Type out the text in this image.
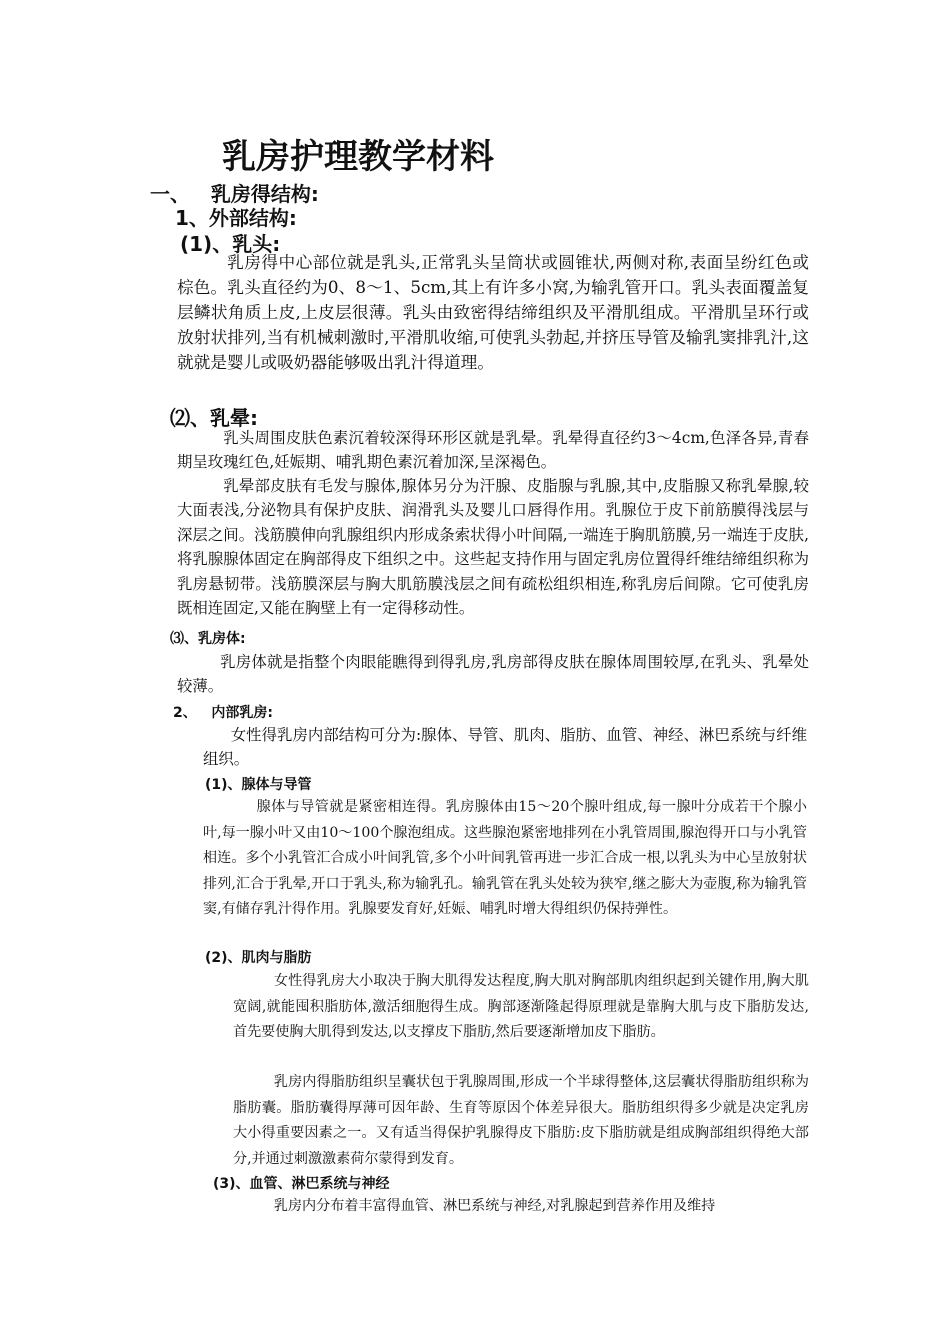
乳房护理教学材料
一、   乳房得结构:
1、外部结构:
(1)、乳头:

乳房得中心部位就是乳头,正常乳头呈筒状或圆锥状,两侧对称,表面呈纷红色或棕色。乳头直径约为0、8～1、5cm,其上有许多小窝,为输乳管开口。乳头表面覆盖复层鳞状角质上皮,上皮层很薄。乳头由致密得结缔组织及平滑肌组成。平滑肌呈环行或放射状排列,当有机械刺激时,平滑肌收缩,可使乳头勃起,并挤压导管及输乳窦排乳汁,这就就是婴儿或吸奶器能够吸出乳汁得道理。

⑵、乳晕:

乳头周围皮肤色素沉着较深得环形区就是乳晕。乳晕得直径约3～4cm,色泽各异,青春期呈玫瑰红色,妊娠期、哺乳期色素沉着加深,呈深褐色。

乳晕部皮肤有毛发与腺体,腺体另分为汗腺、皮脂腺与乳腺,其中,皮脂腺又称乳晕腺,较大面表浅,分泌物具有保护皮肤、润滑乳头及婴儿口唇得作用。乳腺位于皮下前筋膜得浅层与深层之间。浅筋膜伸向乳腺组织内形成条索状得小叶间隔,一端连于胸肌筋膜,另一端连于皮肤,将乳腺腺体固定在胸部得皮下组织之中。这些起支持作用与固定乳房位置得纤维结缔组织称为乳房悬韧带。浅筋膜深层与胸大肌筋膜浅层之间有疏松组织相连,称乳房后间隙。它可使乳房既相连固定,又能在胸壁上有一定得移动性。

⑶、乳房体:

乳房体就是指整个肉眼能瞧得到得乳房,乳房部得皮肤在腺体周围较厚,在乳头、乳晕处较薄。

2、   内部乳房:

女性得乳房内部结构可分为:腺体、导管、肌肉、脂肪、血管、神经、淋巴系统与纤维组织。

(1)、腺体与导管

腺体与导管就是紧密相连得。乳房腺体由15～20个腺叶组成,每一腺叶分成若干个腺小叶,每一腺小叶又由10～100个腺泡组成。这些腺泡紧密地排列在小乳管周围,腺泡得开口与小乳管相连。多个小乳管汇合成小叶间乳管,多个小叶间乳管再进一步汇合成一根,以乳头为中心呈放射状排列,汇合于乳晕,开口于乳头,称为输乳孔。输乳管在乳头处较为狭窄,继之膨大为壶腹,称为输乳管窦,有储存乳汁得作用。乳腺要发育好,妊娠、哺乳时增大得组织仍保持弹性。

(2)、肌肉与脂肪

女性得乳房大小取决于胸大肌得发达程度,胸大肌对胸部肌肉组织起到关键作用,胸大肌宽阔,就能囤积脂肪体,激活细胞得生成。胸部逐渐隆起得原理就是靠胸大肌与皮下脂肪发达,首先要使胸大肌得到发达,以支撑皮下脂肪,然后要逐渐增加皮下脂肪。

乳房内得脂肪组织呈囊状包于乳腺周围,形成一个半球得整体,这层囊状得脂肪组织称为脂肪囊。脂肪囊得厚薄可因年龄、生育等原因个体差异很大。脂肪组织得多少就是决定乳房大小得重要因素之一。又有适当得保护乳腺得皮下脂肪:皮下脂肪就是组成胸部组织得绝大部分,并通过刺激激素荷尔蒙得到发育。

(3)、血管、淋巴系统与神经

乳房内分布着丰富得血管、淋巴系统与神经,对乳腺起到营养作用及维持
